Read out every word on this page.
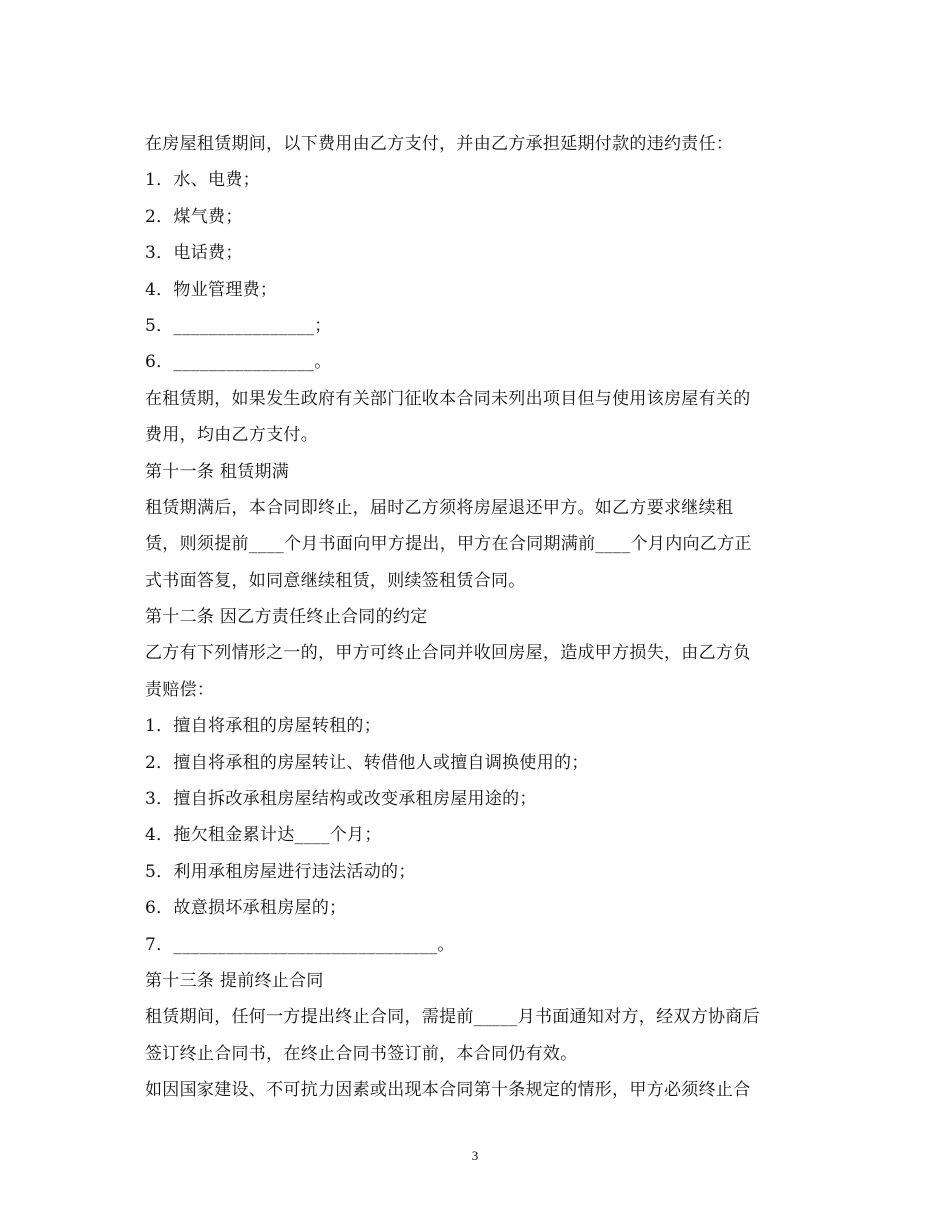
在房屋租赁期间，以下费用由乙方支付，并由乙方承担延期付款的违约责任：
1．水、电费；
2．煤气费；
3．电话费；
4．物业管理费；
5．________________；
6．________________。
在租赁期，如果发生政府有关部门征收本合同未列出项目但与使用该房屋有关的
费用，均由乙方支付。
第十一条 租赁期满
租赁期满后，本合同即终止，届时乙方须将房屋退还甲方。如乙方要求继续租
赁，则须提前____个月书面向甲方提出，甲方在合同期满前____个月内向乙方正
式书面答复，如同意继续租赁，则续签租赁合同。
第十二条 因乙方责任终止合同的约定
乙方有下列情形之一的，甲方可终止合同并收回房屋，造成甲方损失，由乙方负
责赔偿：
1．擅自将承租的房屋转租的；
2．擅自将承租的房屋转让、转借他人或擅自调换使用的；
3．擅自拆改承租房屋结构或改变承租房屋用途的；
4．拖欠租金累计达____个月；
5．利用承租房屋进行违法活动的；
6．故意损坏承租房屋的；
7．______________________________。
第十三条 提前终止合同
租赁期间，任何一方提出终止合同，需提前_____月书面通知对方，经双方协商后
签订终止合同书，在终止合同书签订前，本合同仍有效。
如因国家建设、不可抗力因素或出现本合同第十条规定的情形，甲方必须终止合
3
